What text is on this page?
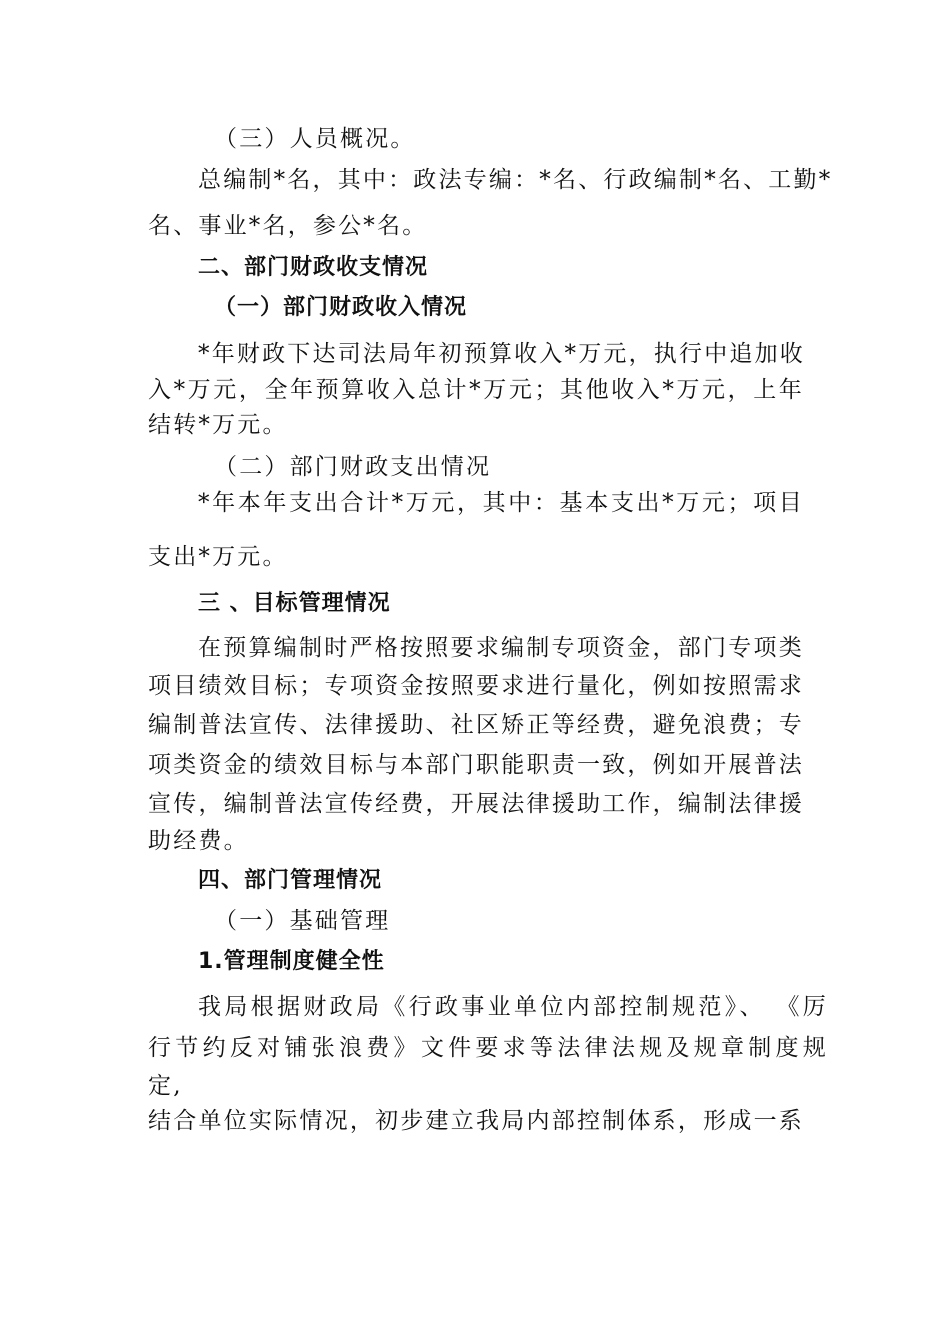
（三）人员概况。
总编制*名，其中：政法专编：*名、行政编制*名、工勤*
名、事业*名，参公*名。
二、部门财政收支情况
（一）部门财政收入情况
*年财政下达司法局年初预算收入*万元，执行中追加收
入*万元，全年预算收入总计*万元；其他收入*万元，上年
结转*万元。
（二）部门财政支出情况
*年本年支出合计*万元，其中：基本支出*万元；项目
支出*万元。
三 、目标管理情况
在预算编制时严格按照要求编制专项资金，部门专项类
项目绩效目标；专项资金按照要求进行量化，例如按照需求
编制普法宣传、法律援助、社区矫正等经费，避免浪费；专
项类资金的绩效目标与本部门职能职责一致，例如开展普法
宣传，编制普法宣传经费，开展法律援助工作，编制法律援
助经费。
四、部门管理情况
（一）基础管理
1.管理制度健全性
我局根据财政局《行政事业单位内部控制规范》、 《厉
行节约反对铺张浪费》文件要求等法律法规及规章制度规
定,
结合单位实际情况，初步建立我局内部控制体系，形成一系
